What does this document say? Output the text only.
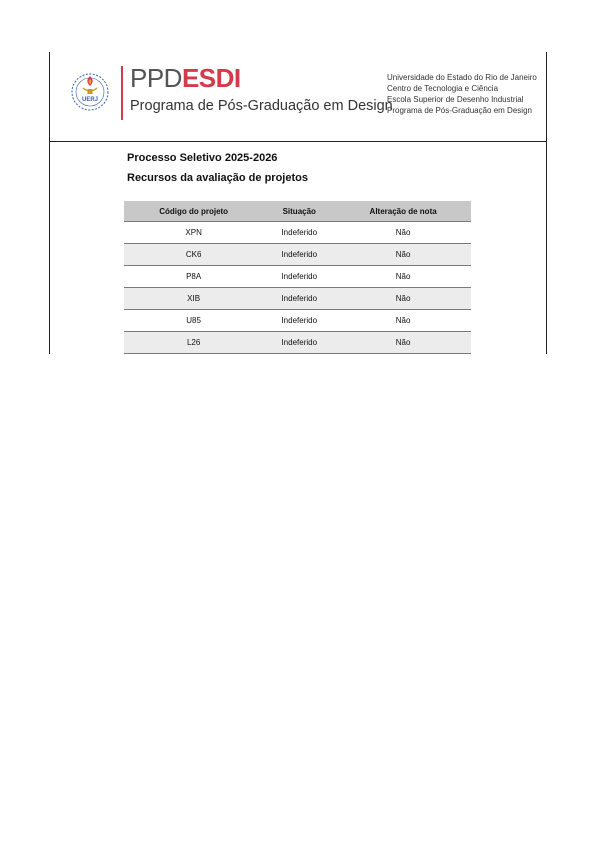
UERJ
PPDESDI
Programa de Pós-Graduação em Design
Universidade do Estado do Rio de Janeiro
Centro de Tecnologia e Ciência
Escola Superior de Desenho Industrial
Programa de Pós-Graduação em Design
Processo Seletivo 2025-2026
Recursos da avaliação de projetos
Código do projeto	Situação	Alteração de nota
XPN	Indeferido	Não
CK6	Indeferido	Não
P8A	Indeferido	Não
XIB	Indeferido	Não
U85	Indeferido	Não
L26	Indeferido	Não
